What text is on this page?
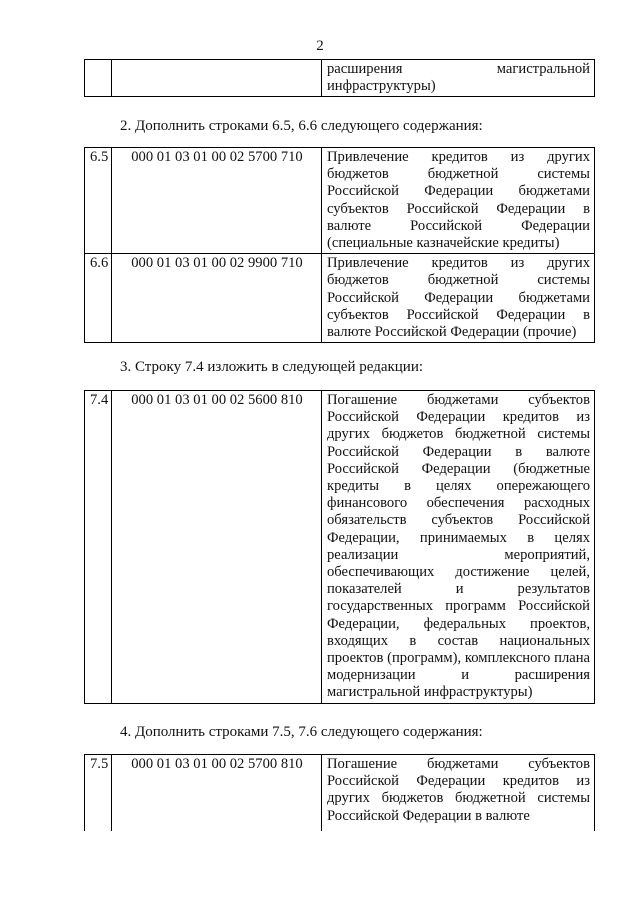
2
		расширения магистральной инфраструктуры)
2. Дополнить строками 6.5, 6.6 следующего содержания:
6.5	000 01 03 01 00 02 5700 710	Привлечение кредитов из других бюджетов бюджетной системы Российской Федерации бюджетами субъектов Российской Федерации в валюте Российской Федерации (специальные казначейские кредиты)
6.6	000 01 03 01 00 02 9900 710	Привлечение кредитов из других бюджетов бюджетной системы Российской Федерации бюджетами субъектов Российской Федерации в валюте Российской Федерации (прочие)
3. Строку 7.4 изложить в следующей редакции:
7.4	000 01 03 01 00 02 5600 810	Погашение бюджетами субъектов Российской Федерации кредитов из других бюджетов бюджетной системы Российской Федерации в валюте Российской Федерации (бюджетные кредиты в целях опережающего финансового обеспечения расходных обязательств субъектов Российской Федерации, принимаемых в целях реализации мероприятий, обеспечивающих достижение целей, показателей и результатов государственных программ Российской Федерации, федеральных проектов, входящих в состав национальных проектов (программ), комплексного плана модернизации и расширения магистральной инфраструктуры)
4. Дополнить строками 7.5, 7.6 следующего содержания:
7.5	000 01 03 01 00 02 5700 810	Погашение бюджетами субъектов Российской Федерации кредитов из других бюджетов бюджетной системы Российской Федерации в валюте
